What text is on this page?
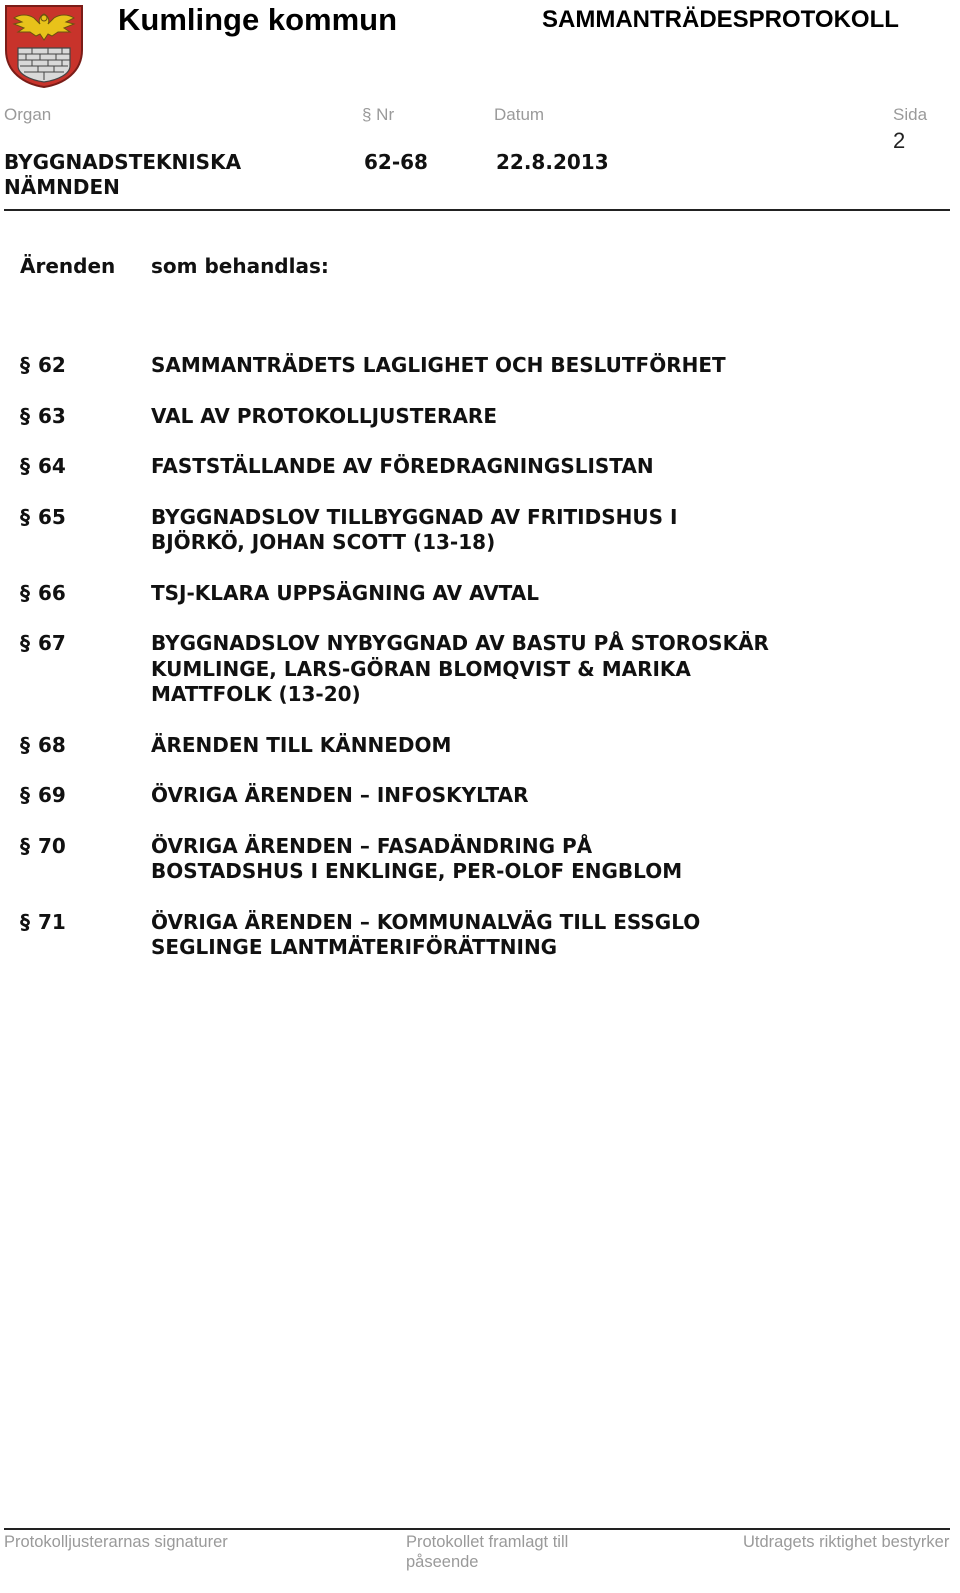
Kumlinge kommun	SAMMANTRÄDESPROTOKOLL
Organ	§ Nr	Datum	Sida
BYGGNADSTEKNISKA NÄMNDEN
62-68	22.8.2013
2
Ärenden som behandlas:
§ 62	SAMMANTRÄDETS LAGLIGHET OCH BESLUTFÖRHET
§ 63	VAL AV PROTOKOLLJUSTERARE
§ 64	FASTSTÄLLANDE AV FÖREDRAGNINGSLISTAN
§ 65	BYGGNADSLOV TILLBYGGNAD AV FRITIDSHUS I BJÖRKÖ, JOHAN SCOTT (13-18)
§ 66	TSJ-KLARA UPPSÄGNING AV AVTAL
§ 67	BYGGNADSLOV NYBYGGNAD AV BASTU PÅ STOROSKÄR KUMLINGE, LARS-GÖRAN BLOMQVIST & MARIKA MATTFOLK (13-20)
§ 68	ÄRENDEN TILL KÄNNEDOM
§ 69	ÖVRIGA ÄRENDEN – INFOSKYLTAR
§ 70	ÖVRIGA ÄRENDEN – FASADÄNDRING PÅ BOSTADSHUS I ENKLINGE, PER-OLOF ENGBLOM
§ 71	ÖVRIGA ÄRENDEN – KOMMUNALVÄG TILL ESSGLO SEGLINGE LANTMÄTERIFÖRÄTTNING
Protokolljusterarnas signaturer	Protokollet framlagt till påseende
Utdragets riktighet bestyrker
